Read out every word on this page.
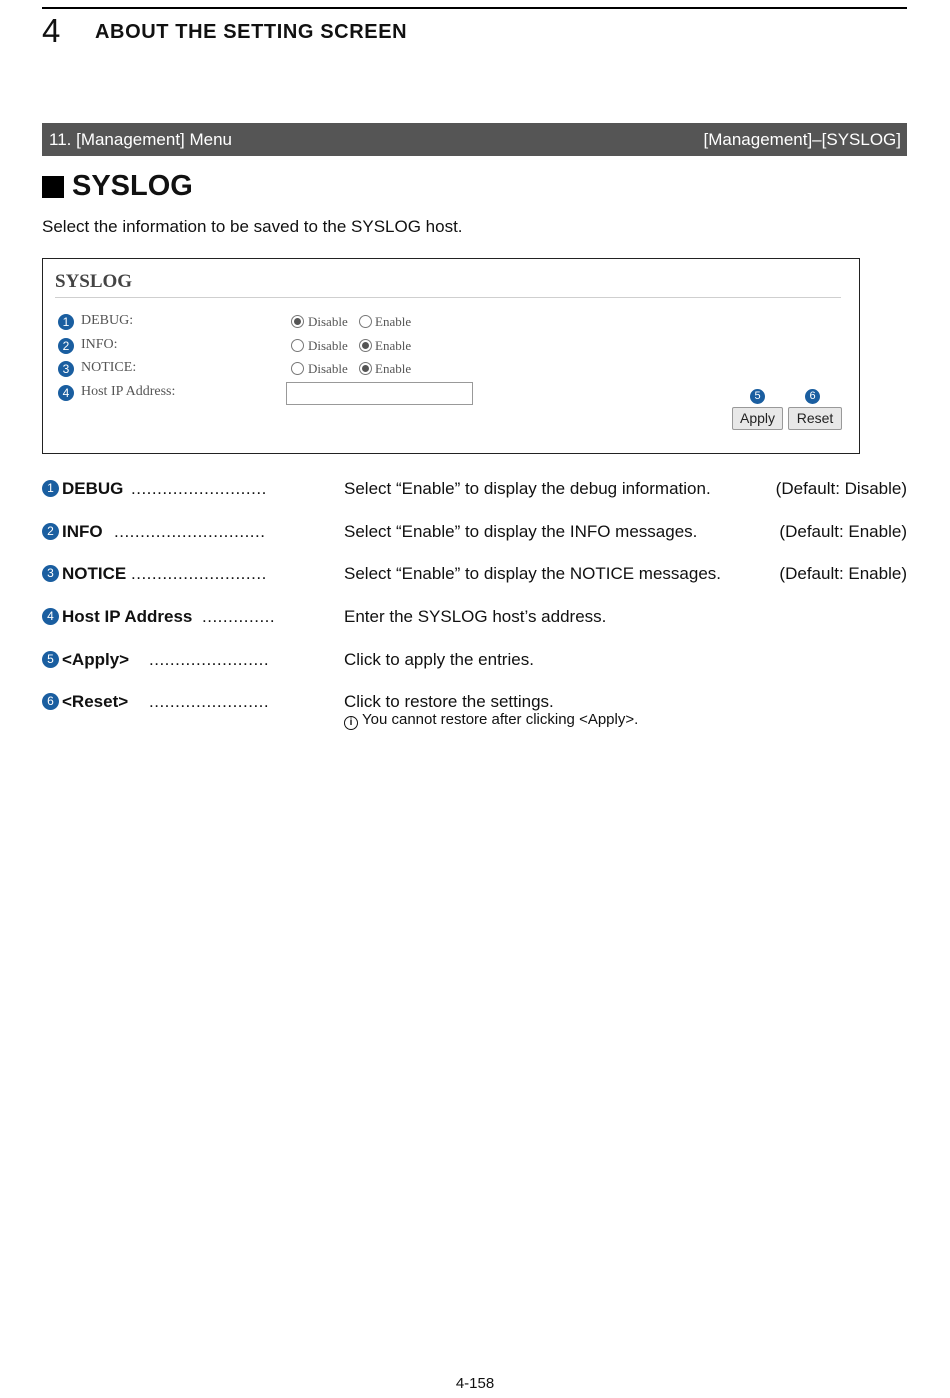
4 ABOUT THE SETTING SCREEN
11. [Management] Menu	[Management]–[SYSLOG]
SYSLOG
Select the information to be saved to the SYSLOG host.
SYSLOG
1 DEBUG:	Disable Enable
2 INFO:	Disable Enable
3 NOTICE:	Disable Enable
4 Host IP Address:	5	6
Apply	Reset
1 DEBUG ..........................	Select “Enable” to display the debug information.	(Default: Disable)
2 INFO .............................	Select “Enable” to display the INFO messages.	(Default: Enable)
3 NOTICE ..........................	Select “Enable” to display the NOTICE messages.	(Default: Enable)
4 Host IP Address ..............	Enter the SYSLOG host’s address.
5 <Apply> .......................	Click to apply the entries.
6 <Reset> .......................	Click to restore the settings.
i You cannot restore after clicking <Apply>.
4-158
